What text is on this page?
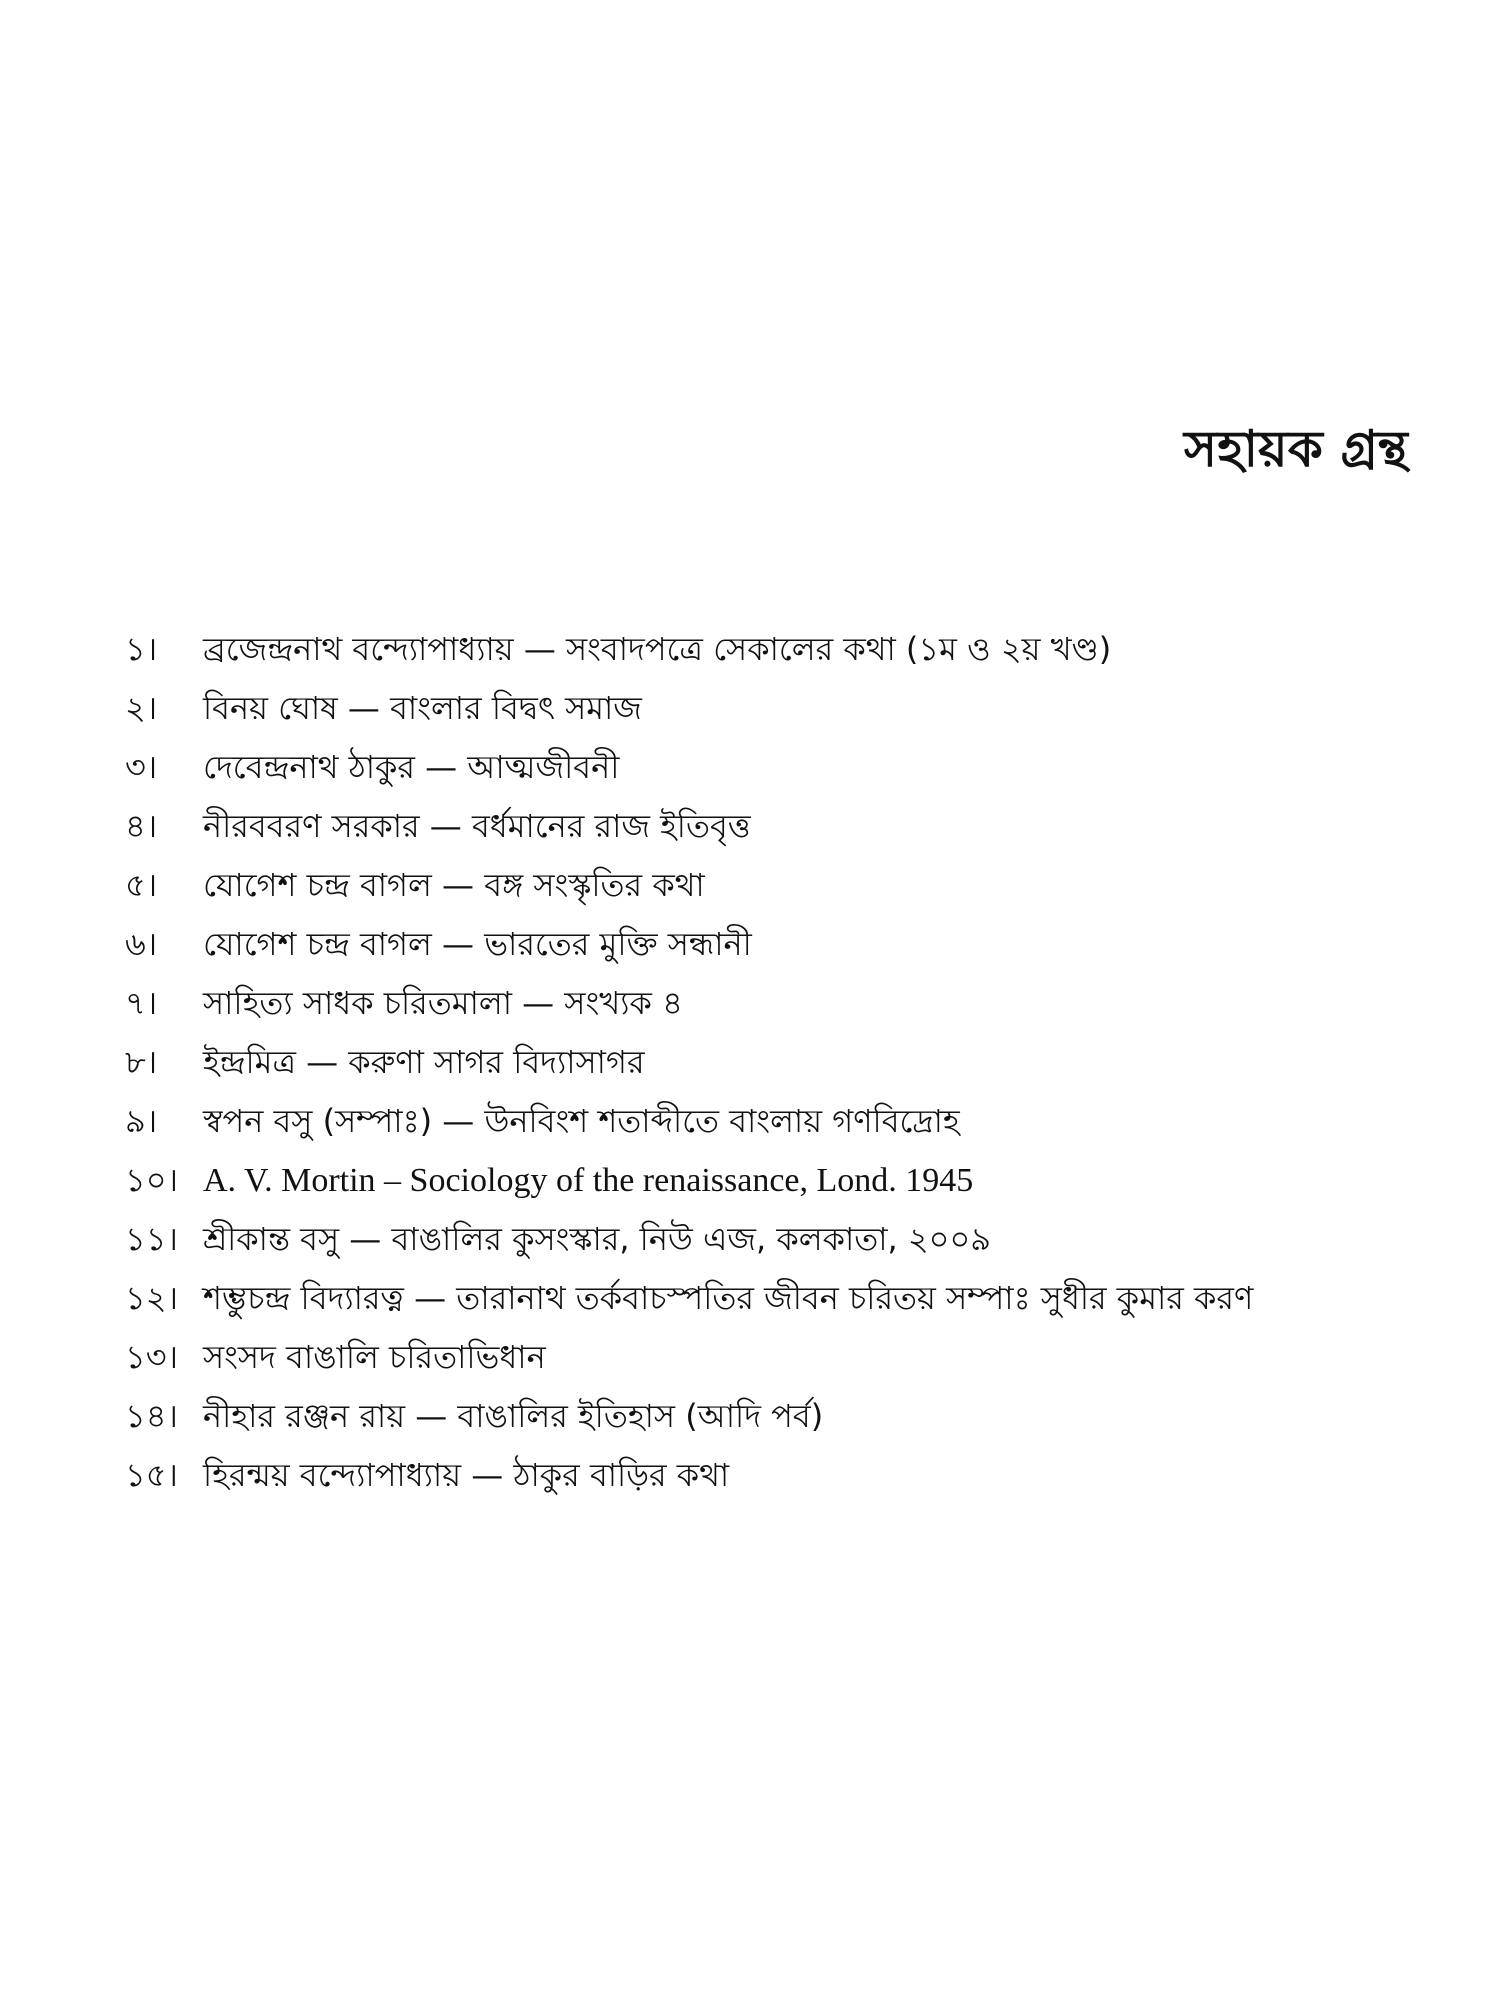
সহায়ক গ্রন্থ
১।	ব্রজেন্দ্রনাথ বন্দ্যোপাধ্যায় — সংবাদপত্রে সেকালের কথা (১ম ও ২য় খণ্ড)
২।	বিনয় ঘোষ — বাংলার বিদ্বৎ সমাজ
৩।	দেবেন্দ্রনাথ ঠাকুর — আত্মজীবনী
৪।	নীরববরণ সরকার — বর্ধমানের রাজ ইতিবৃত্ত
৫।	যোগেশ চন্দ্র বাগল — বঙ্গ সংস্কৃতির কথা
৬।	যোগেশ চন্দ্র বাগল — ভারতের মুক্তি সন্ধানী
৭।	সাহিত্য সাধক চরিতমালা — সংখ্যক ৪
৮।	ইন্দ্রমিত্র — করুণা সাগর বিদ্যাসাগর
৯।	স্বপন বসু (সম্পাঃ) — উনবিংশ শতাব্দীতে বাংলায় গণবিদ্রোহ
১০। A. V. Mortin – Sociology of the renaissance, Lond. 1945
১১। শ্রীকান্ত বসু — বাঙালির কুসংস্কার, নিউ এজ, কলকাতা, ২০০৯
১২। শম্ভুচন্দ্র বিদ্যারত্ন — তারানাথ তর্কবাচস্পতির জীবন চরিতয় সম্পাঃ সুধীর কুমার করণ
১৩। সংসদ বাঙালি চরিতাভিধান
১৪। নীহার রঞ্জন রায় — বাঙালির ইতিহাস (আদি পর্ব)
১৫। হিরন্ময় বন্দ্যোপাধ্যায় — ঠাকুর বাড়ির কথা
